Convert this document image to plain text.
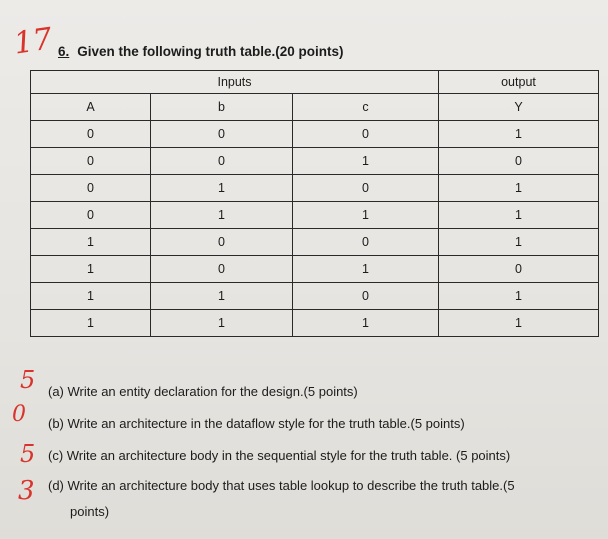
17 6. Given the following truth table.(20 points)
Inputs			output
A	b	c	Y
0	0	0	1
0	0	1	0
0	1	0	1
0	1	1	1
1	0	0	1
1	0	1	0
1	1	0	1
1	1	1	1
5
0
5
3
(a) Write an entity declaration for the design.(5 points)
(b) Write an architecture in the dataflow style for the truth table.(5 points)
(c) Write an architecture body in the sequential style for the truth table. (5 points)
(d) Write an architecture body that uses table lookup to describe the truth table.(5
points)
